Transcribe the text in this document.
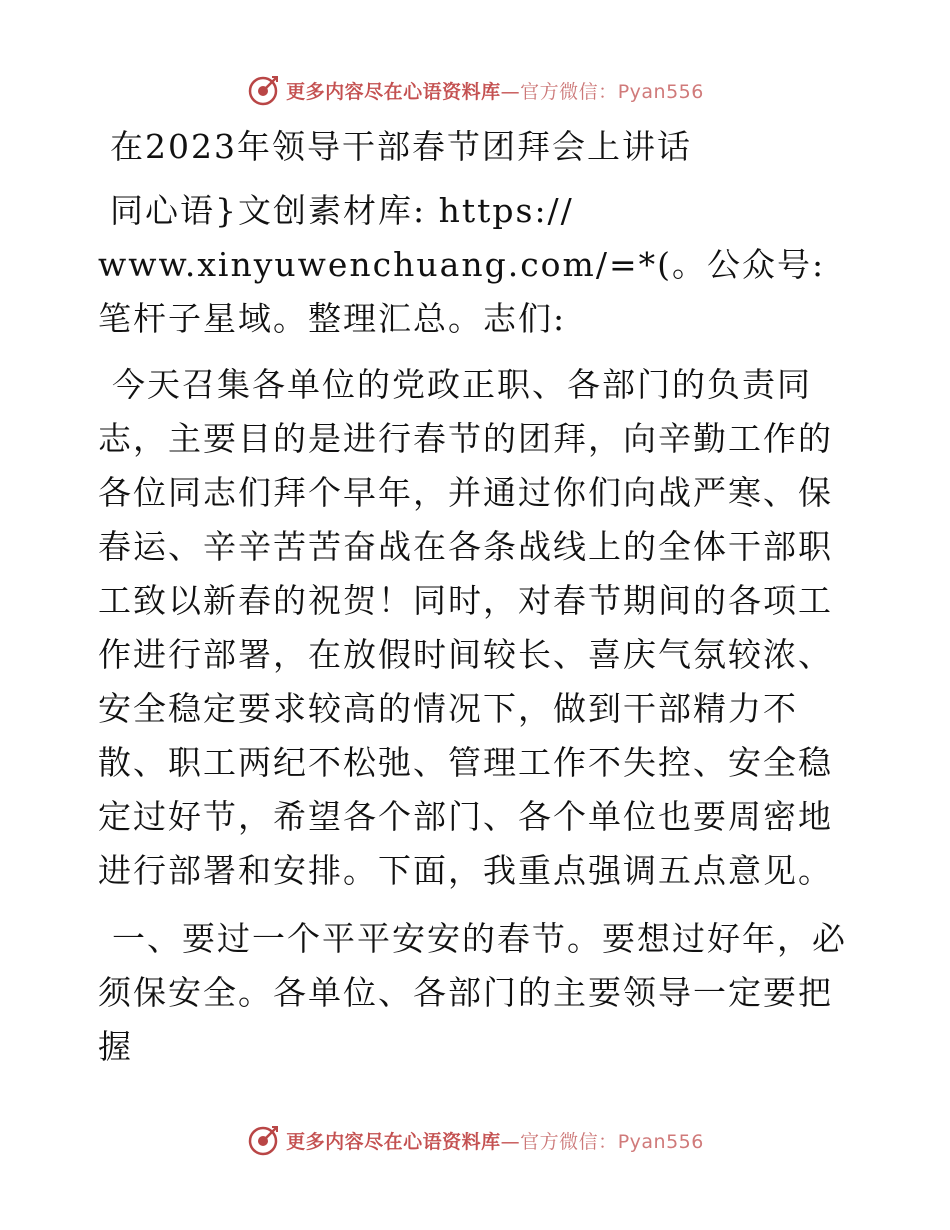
更多内容尽在心语资料库—官方微信：Pyan556

在2023年领导干部春节团拜会上讲话

同心语}文创素材库: https://
www.xinyuwenchuang.com/=*(。公众号: 笔杆子星域。整理汇总。志们:

今天召集各单位的党政正职、各部门的负责同志，主要目的是进行春节的团拜，向辛勤工作的各位同志们拜个早年，并通过你们向战严寒、保春运、辛辛苦苦奋战在各条战线上的全体干部职工致以新春的祝贺！同时，对春节期间的各项工作进行部署，在放假时间较长、喜庆气氛较浓、安全稳定要求较高的情况下，做到干部精力不散、职工两纪不松弛、管理工作不失控、安全稳定过好节，希望各个部门、各个单位也要周密地进行部署和安排。下面，我重点强调五点意见。

一、要过一个平平安安的春节。要想过好年，必须保安全。各单位、各部门的主要领导一定要把握

更多内容尽在心语资料库—官方微信：Pyan556
